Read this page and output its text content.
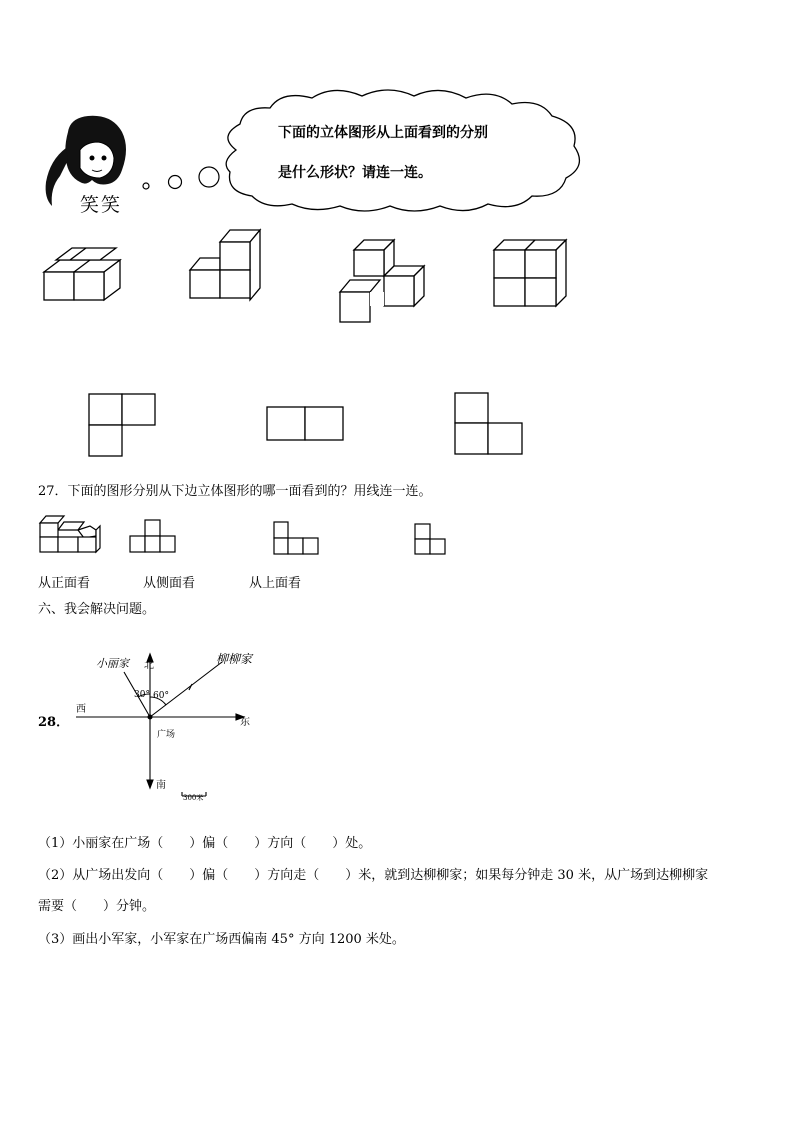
笑笑
下面的立体图形从上面看到的分别
是什么形状？请连一连。
27．下面的图形分别从下边立体图形的哪一面看到的？用线连一连。
从正面看	从侧面看	从上面看
六、我会解决问题。
28．
北
南
东
西
广场
小丽家	柳柳家
30° 60°
300米
（1）小丽家在广场（　　）偏（　　）方向（　　）处。
（2）从广场出发向（　　）偏（　　）方向走（　　）米，就到达柳柳家；如果每分钟走 30 米，从广场到达柳柳家
需要（　　）分钟。
（3）画出小军家，小军家在广场西偏南 45° 方向 1200 米处。
